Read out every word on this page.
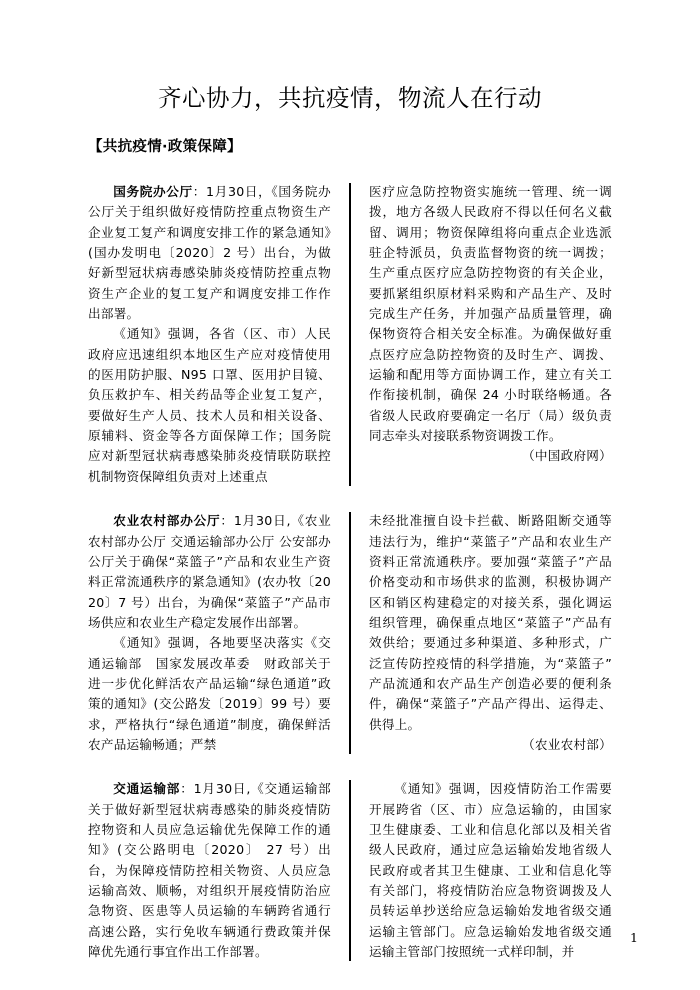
齐心协力，共抗疫情，物流人在行动
【共抗疫情·政策保障】

国务院办公厅：1月30日，《国务院办公厅关于组织做好疫情防控重点物资生产企业复工复产和调度安排工作的紧急通知》(国办发明电〔2020〕2 号）出台，为做好新型冠状病毒感染肺炎疫情防控重点物资生产企业的复工复产和调度安排工作作出部署。

《通知》强调，各省（区、市）人民政府应迅速组织本地区生产应对疫情使用的医用防护服、N95 口罩、医用护目镜、负压救护车、相关药品等企业复工复产，要做好生产人员、技术人员和相关设备、原辅料、资金等各方面保障工作；国务院应对新型冠状病毒感染肺炎疫情联防联控机制物资保障组负责对上述重点

医疗应急防控物资实施统一管理、统一调拨，地方各级人民政府不得以任何名义截留、调用；物资保障组将向重点企业选派驻企特派员，负责监督物资的统一调拨；生产重点医疗应急防控物资的有关企业，要抓紧组织原材料采购和产品生产、及时完成生产任务，并加强产品质量管理，确保物资符合相关安全标准。为确保做好重点医疗应急防控物资的及时生产、调拨、运输和配用等方面协调工作，建立有关工作衔接机制，确保 24 小时联络畅通。各省级人民政府要确定一名厅（局）级负责同志牵头对接联系物资调拨工作。

（中国政府网）

农业农村部办公厅：1月30日,《农业农村部办公厅 交通运输部办公厅 公安部办公厅关于确保“菜篮子”产品和农业生产资料正常流通秩序的紧急通知》(农办牧〔2020〕7 号）出台，为确保“菜篮子”产品市场供应和农业生产稳定发展作出部署。

《通知》强调，各地要坚决落实《交通运输部　国家发展改革委　财政部关于进一步优化鲜活农产品运输“绿色通道”政策的通知》(交公路发〔2019〕99 号）要求，严格执行“绿色通道”制度，确保鲜活农产品运输畅通；严禁

未经批准擅自设卡拦截、断路阻断交通等违法行为，维护“菜篮子”产品和农业生产资料正常流通秩序。要加强“菜篮子”产品价格变动和市场供求的监测，积极协调产区和销区构建稳定的对接关系，强化调运组织管理，确保重点地区“菜篮子”产品有效供给；要通过多种渠道、多种形式，广泛宣传防控疫情的科学措施，为“菜篮子”产品流通和农产品生产创造必要的便利条件，确保“菜篮子”产品产得出、运得走、供得上。

（农业农村部）

交通运输部：1月30日,《交通运输部关于做好新型冠状病毒感染的肺炎疫情防控物资和人员应急运输优先保障工作的通知》(交公路明电〔2020〕 27 号）出台，为保障疫情防控相关物资、人员应急运输高效、顺畅，对组织开展疫情防治应急物资、医患等人员运输的车辆跨省通行高速公路，实行免收车辆通行费政策并保障优先通行事宜作出工作部署。

《通知》强调，因疫情防治工作需要开展跨省（区、市）应急运输的，由国家卫生健康委、工业和信息化部以及相关省级人民政府，通过应急运输始发地省级人民政府或者其卫生健康、工业和信息化等有关部门，将疫情防治应急物资调拨及人员转运单抄送给应急运输始发地省级交通运输主管部门。应急运输始发地省级交通运输主管部门按照统一式样印制，并

1
